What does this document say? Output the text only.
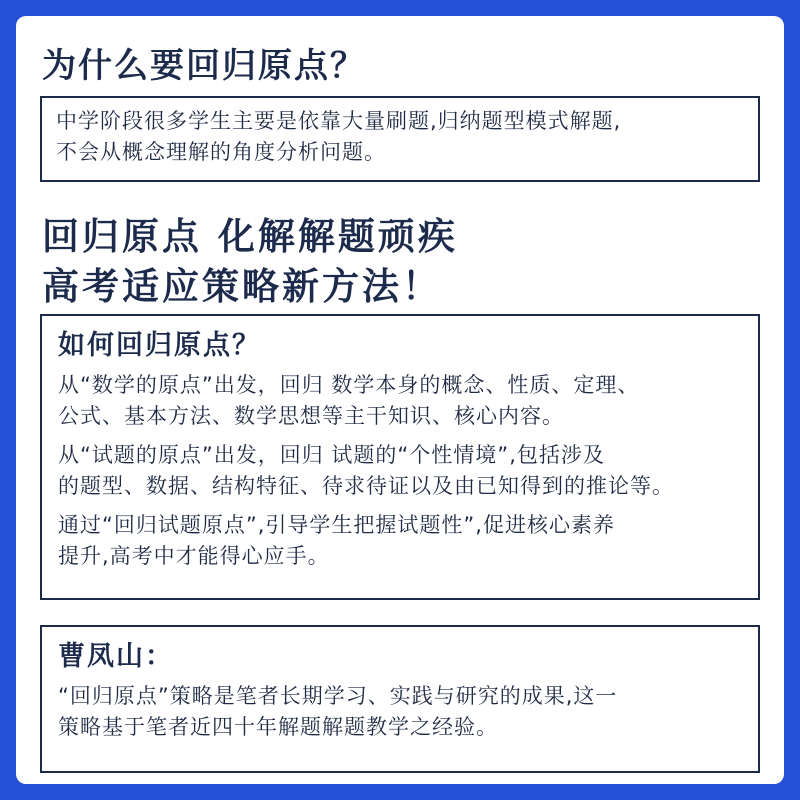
为什么要回归原点？
中学阶段很多学生主要是依靠大量刷题,归纳题型模式解题,
不会从概念理解的角度分析问题。
回归原点 化解解题顽疾
高考适应策略新方法！
如何回归原点？
从“数学的原点”出发，回归 数学本身的概念、性质、定理、
公式、基本方法、数学思想等主干知识、核心内容。
从“试题的原点”出发，回归 试题的“个性情境”,包括涉及
的题型、数据、结构特征、待求待证以及由已知得到的推论等。
通过“回归试题原点”,引导学生把握试题性”,促进核心素养
提升,高考中才能得心应手。
曹凤山：
“回归原点”策略是笔者长期学习、实践与研究的成果,这一
策略基于笔者近四十年解题解题教学之经验。
